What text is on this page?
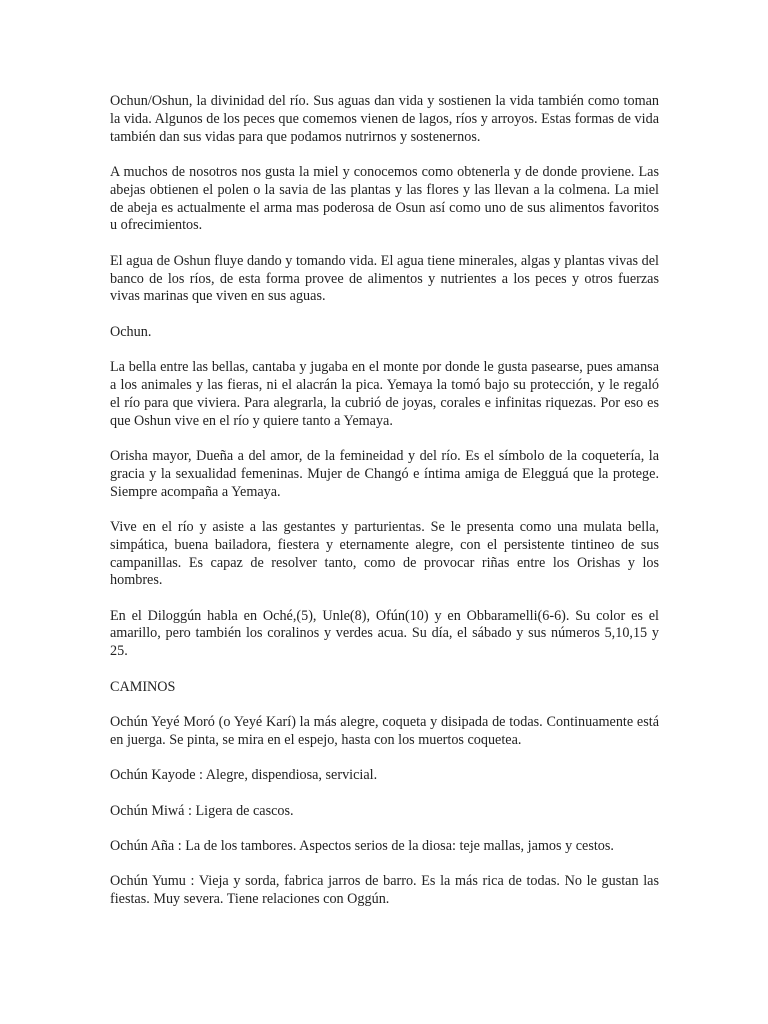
Ochun/Oshun, la divinidad del río. Sus aguas dan vida y sostienen la vida también como toman la vida. Algunos de los peces que comemos vienen de lagos, ríos y arroyos. Estas formas de vida también dan sus vidas para que podamos nutrirnos y sostenernos.

A muchos de nosotros nos gusta la miel y conocemos como obtenerla y de donde proviene. Las abejas obtienen el polen o la savia de las plantas y las flores y las llevan a la colmena. La miel de abeja es actualmente el arma mas poderosa de Osun así como uno de sus alimentos favoritos u ofrecimientos.

El agua de Oshun fluye dando y tomando vida. El agua tiene minerales, algas y plantas vivas del banco de los ríos, de esta forma provee de alimentos y nutrientes a los peces y otros fuerzas vivas marinas que viven en sus aguas.

Ochun.

La bella entre las bellas, cantaba y jugaba en el monte por donde le gusta pasearse, pues amansa a los animales y las fieras, ni el alacrán la pica. Yemaya la tomó bajo su protección, y le regaló el río para que viviera. Para alegrarla, la cubrió de joyas, corales e infinitas riquezas. Por eso es que Oshun vive en el río y quiere tanto a Yemaya.

Orisha mayor, Dueña a del amor, de la femineidad y del río. Es el símbolo de la coquetería, la gracia y la sexualidad femeninas. Mujer de Changó e íntima amiga de Elegguá que la protege. Siempre acompaña a Yemaya.

Vive en el río y asiste a las gestantes y parturientas. Se le presenta como una mulata bella, simpática, buena bailadora, fiestera y eternamente alegre, con el persistente tintineo de sus campanillas. Es capaz de resolver tanto, como de provocar riñas entre los Orishas y los hombres.

En el Diloggún habla en Oché,(5), Unle(8), Ofún(10) y en Obbaramelli(6-6). Su color es el amarillo, pero también los coralinos y verdes acua. Su día, el sábado y sus números 5,10,15 y 25.

CAMINOS

Ochún Yeyé Moró (o Yeyé Karí) la más alegre, coqueta y disipada de todas. Continuamente está en juerga. Se pinta, se mira en el espejo, hasta con los muertos coquetea.

Ochún Kayode : Alegre, dispendiosa, servicial.

Ochún Miwá : Ligera de cascos.

Ochún Aña : La de los tambores. Aspectos serios de la diosa: teje mallas, jamos y cestos.

Ochún Yumu : Vieja y sorda, fabrica jarros de barro. Es la más rica de todas. No le gustan las fiestas. Muy severa. Tiene relaciones con Oggún.
